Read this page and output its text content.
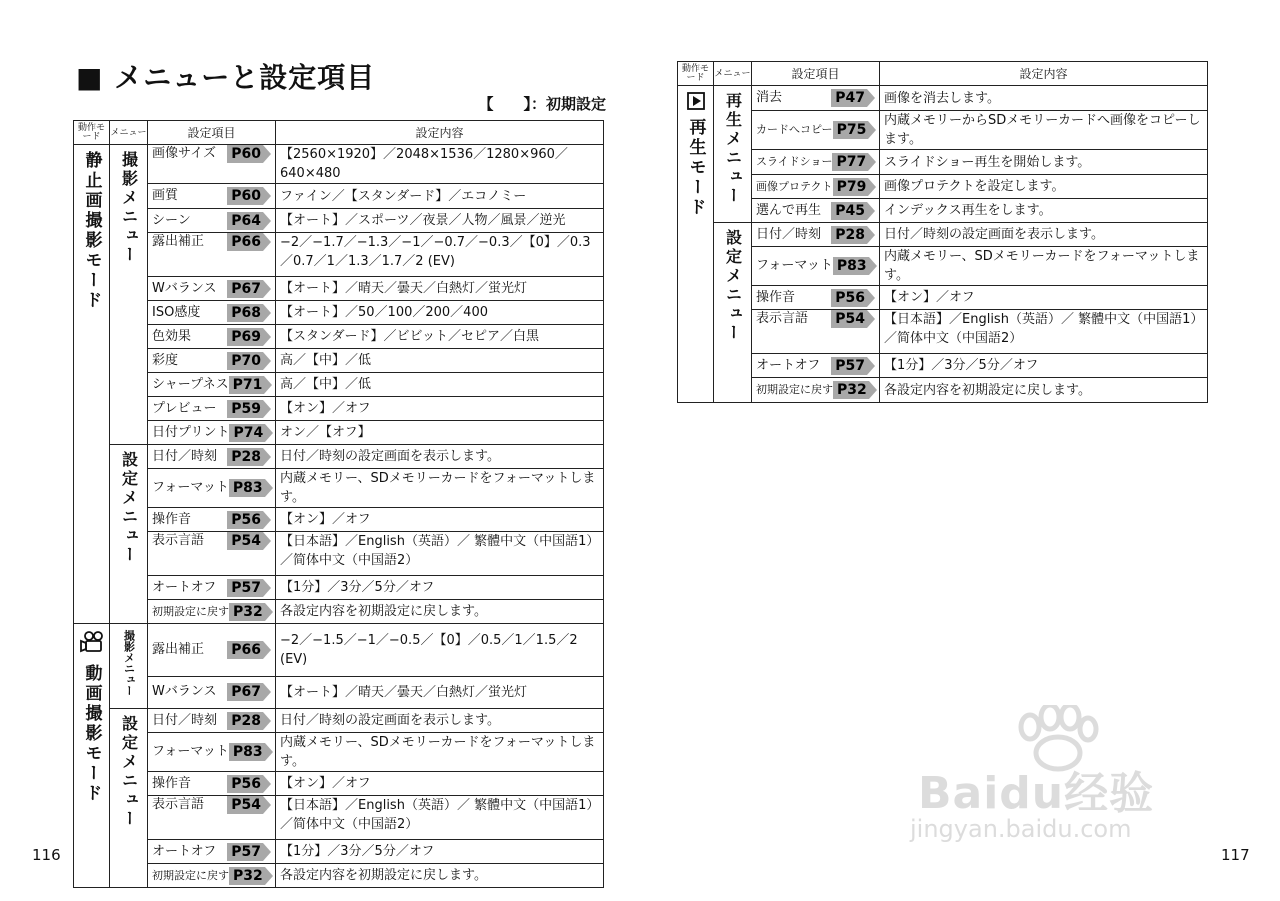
■ メニューと設定項目
【　　】：初期設定
動作モード	メニュー	設定項目	設定内容
静止画撮影モード	撮影メニュー	画像サイズ P60	【2560×1920】／2048×1536／1280×960／640×480

		画質 P60	ファイン／【スタンダード】／エコノミー

		シーン P64	【オート】／スポーツ／夜景／人物／風景／逆光

		露出補正 P66	−2／−1.7／−1.3／−1／−0.7／−0.3／【0】／0.3／0.7／1／1.3／1.7／2 (EV)

		Wバランス P67	【オート】／晴天／曇天／白熱灯／蛍光灯

		ISO感度 P68	【オート】／50／100／200／400

		色効果 P69	【スタンダード】／ビビット／セピア／白黒

		彩度 P70	高／【中】／低

		シャープネス P71	高／【中】／低

		プレビュー P59	【オン】／オフ

		日付プリント P74	オン／【オフ】
	設定メニュー	日付／時刻 P28	日付／時刻の設定画面を表示します。

		フォーマット P83	内蔵メモリー、SDメモリーカードをフォーマットします。

		操作音 P56	【オン】／オフ

		表示言語 P54	【日本語】／English（英語）／ 繁體中文（中国語1）／简体中文（中国語2）

		オートオフ P57	【1分】／3分／5分／オフ

		初期設定に戻す P32	各設定内容を初期設定に戻します。

動画撮影モード	撮影メニュー	露出補正 P66	−2／−1.5／−1／−0.5／【0】／0.5／1／1.5／2 (EV)

		Wバランス P67	【オート】／晴天／曇天／白熱灯／蛍光灯
	設定メニュー	日付／時刻 P28	日付／時刻の設定画面を表示します。

		フォーマット P83	内蔵メモリー、SDメモリーカードをフォーマットします。

		操作音 P56	【オン】／オフ

		表示言語 P54	【日本語】／English（英語）／ 繁體中文（中国語1）／简体中文（中国語2）

		オートオフ P57	【1分】／3分／5分／オフ

		初期設定に戻す P32	各設定内容を初期設定に戻します。
動作モード	メニュー	設定項目	設定内容

再生モード	再生メニュー	消去 P47	画像を消去します。

		カードへコピー P75	内蔵メモリーからSDメモリーカードへ画像をコピーします。

		スライドショー P77	スライドショー再生を開始します。

		画像プロテクト P79	画像プロテクトを設定します。

		選んで再生 P45	インデックス再生をします。
	設定メニュー	日付／時刻 P28	日付／時刻の設定画面を表示します。

		フォーマット P83	内蔵メモリー、SDメモリーカードをフォーマットします。

		操作音 P56	【オン】／オフ

		表示言語 P54	【日本語】／English（英語）／ 繁體中文（中国語1）／简体中文（中国語2）

		オートオフ P57	【1分】／3分／5分／オフ

		初期設定に戻す P32	各設定内容を初期設定に戻します。
116	117
Baidu经验
jingyan.baidu.com
